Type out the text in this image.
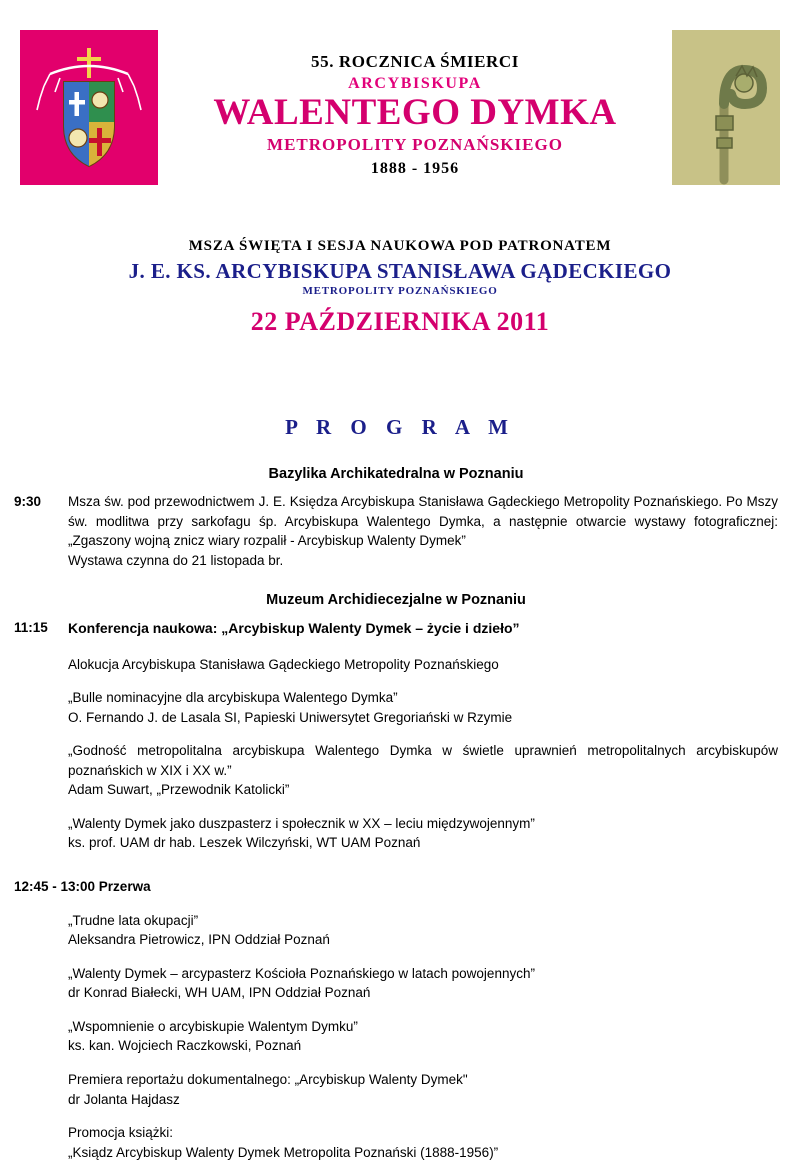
55. ROCZNICA ŚMIERCI
ARCYBISKUPA
WALENTEGO DYMKA
METROPOLITY POZNAŃSKIEGO
1888 - 1956
MSZA ŚWIĘTA I SESJA NAUKOWA POD PATRONATEM
J. E. KS. ARCYBISKUPA STANISŁAWA GĄDECKIEGO
METROPOLITY POZNAŃSKIEGO
22 PAŹDZIERNIKA 2011
P R O G R A M
Bazylika Archikatedralna w Poznaniu
9:30	Msza św. pod przewodnictwem J. E. Księdza Arcybiskupa Stanisława Gądeckiego Metropolity Poznańskiego. Po Mszy św. modlitwa przy sarkofagu śp. Arcybiskupa Walentego Dymka, a następnie otwarcie wystawy fotograficznej: „Zgaszony wojną znicz wiary rozpalił - Arcybiskup Walenty Dymek”
Wystawa czynna do 21 listopada br.
Muzeum Archidiecezjalne w Poznaniu
11:15	Konferencja naukowa: „Arcybiskup Walenty Dymek – życie i dzieło”
Alokucja Arcybiskupa Stanisława Gądeckiego Metropolity Poznańskiego
„Bulle nominacyjne dla arcybiskupa Walentego Dymka”
O. Fernando J. de Lasala SI, Papieski Uniwersytet Gregoriański w Rzymie
„Godność metropolitalna arcybiskupa Walentego Dymka w świetle uprawnień metropolitalnych arcybiskupów poznańskich w XIX i XX w.”
Adam Suwart, „Przewodnik Katolicki”
„Walenty Dymek jako duszpasterz i społecznik w XX – leciu międzywojennym”
ks. prof. UAM dr hab. Leszek Wilczyński, WT UAM Poznań
12:45 - 13:00 Przerwa
„Trudne lata okupacji”
Aleksandra Pietrowicz, IPN Oddział Poznań
„Walenty Dymek – arcypasterz Kościoła Poznańskiego w latach powojennych”
dr Konrad Białecki, WH UAM, IPN Oddział Poznań
„Wspomnienie o arcybiskupie Walentym Dymku”
ks. kan. Wojciech Raczkowski, Poznań
Premiera reportażu dokumentalnego: „Arcybiskup Walenty Dymek"
dr Jolanta Hajdasz
Promocja książki:
„Ksiądz Arcybiskup Walenty Dymek Metropolita Poznański (1888-1956)”
